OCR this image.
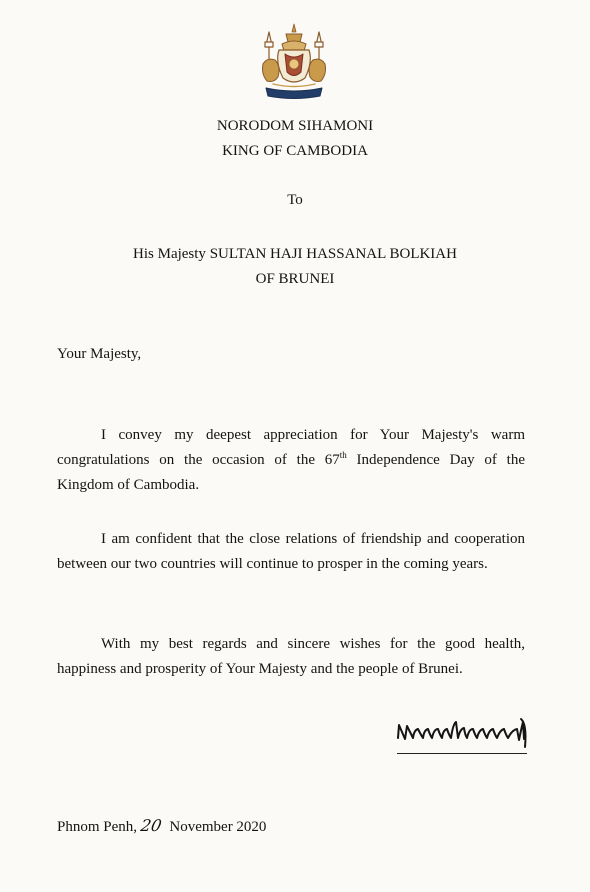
NORODOM SIHAMONI
KING OF CAMBODIA
To
His Majesty SULTAN HAJI HASSANAL BOLKIAH
OF BRUNEI
Your Majesty,
I convey my deepest appreciation for Your Majesty's warm congratulations on the occasion of the 67th Independence Day of the Kingdom of Cambodia.
I am confident that the close relations of friendship and cooperation between our two countries will continue to prosper in the coming years.
With my best regards and sincere wishes for the good health, happiness and prosperity of Your Majesty and the people of Brunei.
Phnom Penh, 20 November 2020
